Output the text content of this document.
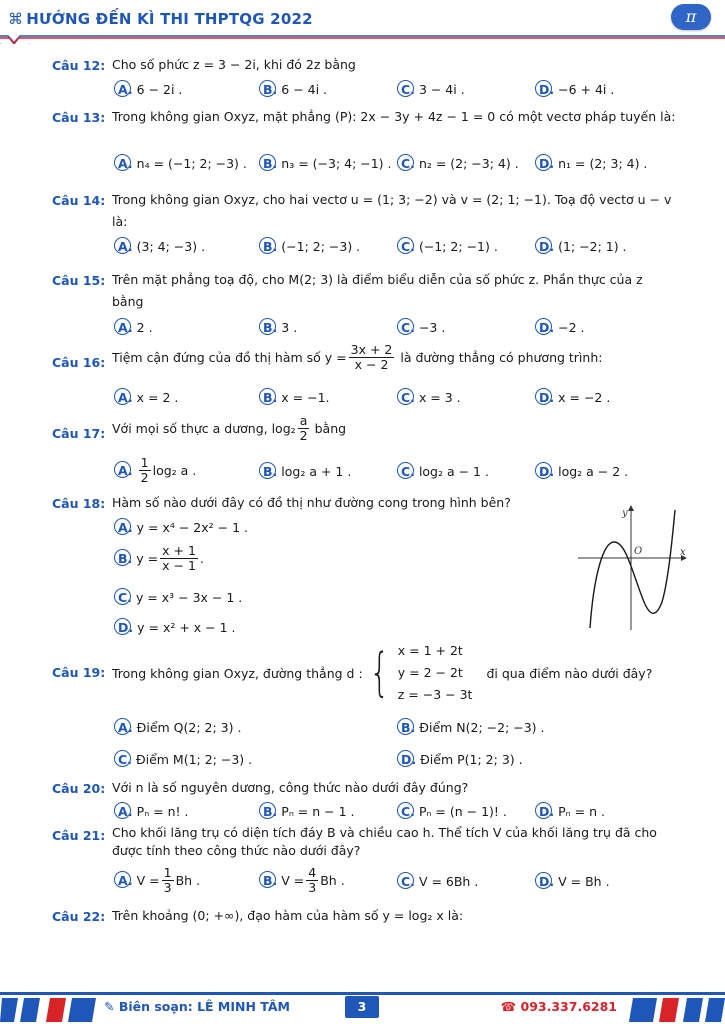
⌘ HƯỚNG ĐẾN KÌ THI THPTQG 2022	π
Câu 12: Cho số phức z = 3 − 2i, khi đó 2z bằng
A. 6 − 2i .	B. 6 − 4i .	C. 3 − 4i .	D. −6 + 4i .
Câu 13: Trong không gian Oxyz, mặt phẳng (P): 2x − 3y + 4z − 1 = 0 có một vectơ pháp tuyến là:
A. n₄ = (−1; 2; −3) . B. n₃ = (−3; 4; −1) . C. n₂ = (2; −3; 4) . D. n₁ = (2; 3; 4) .
Câu 14: Trong không gian Oxyz, cho hai vectơ u = (1; 3; −2) và v = (2; 1; −1). Toạ độ vectơ u − v là:
A. (3; 4; −3) .	B. (−1; 2; −3) .	C. (−1; 2; −1) .	D. (1; −2; 1) .
Câu 15: Trên mặt phẳng toạ độ, cho M(2; 3) là điểm biểu diễn của số phức z. Phần thực của z bằng
A. 2 .	B. 3 .	C. −3 .	D. −2 .
Câu 16: Tiệm cận đứng của đồ thị hàm số $y = \frac{3x + 2}{x - 2}$ là đường thẳng có phương trình:
A. x = 2 .	B. x = −1.	C. x = 3 .	D. x = −2 .
Câu 17: Với mọi số thực a dương, $\log_2 \frac{a}{2}$ bằng
A. $\frac{1}{2} \log_2$ a .	B. log₂ a + 1 .	C. log₂ a − 1 .	D. log₂ a − 2 .
Câu 18: Hàm số nào dưới đây có đồ thị như đường cong trong hình bên?
A. y = x⁴ − 2x² − 1 .
B. $y = \frac{x + 1}{x - 1}$ .
C. y = x³ − 3x − 1 .
D. y = x² + x − 1 .
y
x
O
Câu 19: Trong không gian Oxyz, đường thẳng d : { x = 1 + 2t
y = 2 − 2t
z = −3 − 3t
đi qua điểm nào dưới đây?
A. Điểm Q(2; 2; 3) .	B. Điểm N(2; −2; −3) .
C. Điểm M(1; 2; −3) .	D. Điểm P(1; 2; 3) .
Câu 20: Với n là số nguyên dương, công thức nào dưới đây đúng?
A. Pₙ = n! .	B. Pₙ = n − 1 .	C. Pₙ = (n − 1)! .	D. Pₙ = n .
Câu 21: Cho khối lăng trụ có diện tích đáy B và chiều cao h. Thể tích V của khối lăng trụ đã cho được tính theo công thức nào dưới đây?
A. $V = \frac{1}{3}$ Bh .	B. $V = \frac{4}{3}$ Bh .	C. V = 6Bh .	D. V = Bh .
Câu 22: Trên khoảng (0; +∞), đạo hàm của hàm số y = log₂ x là:
✎ Biên soạn: LÊ MINH TÂM	3	☎ 093.337.6281
